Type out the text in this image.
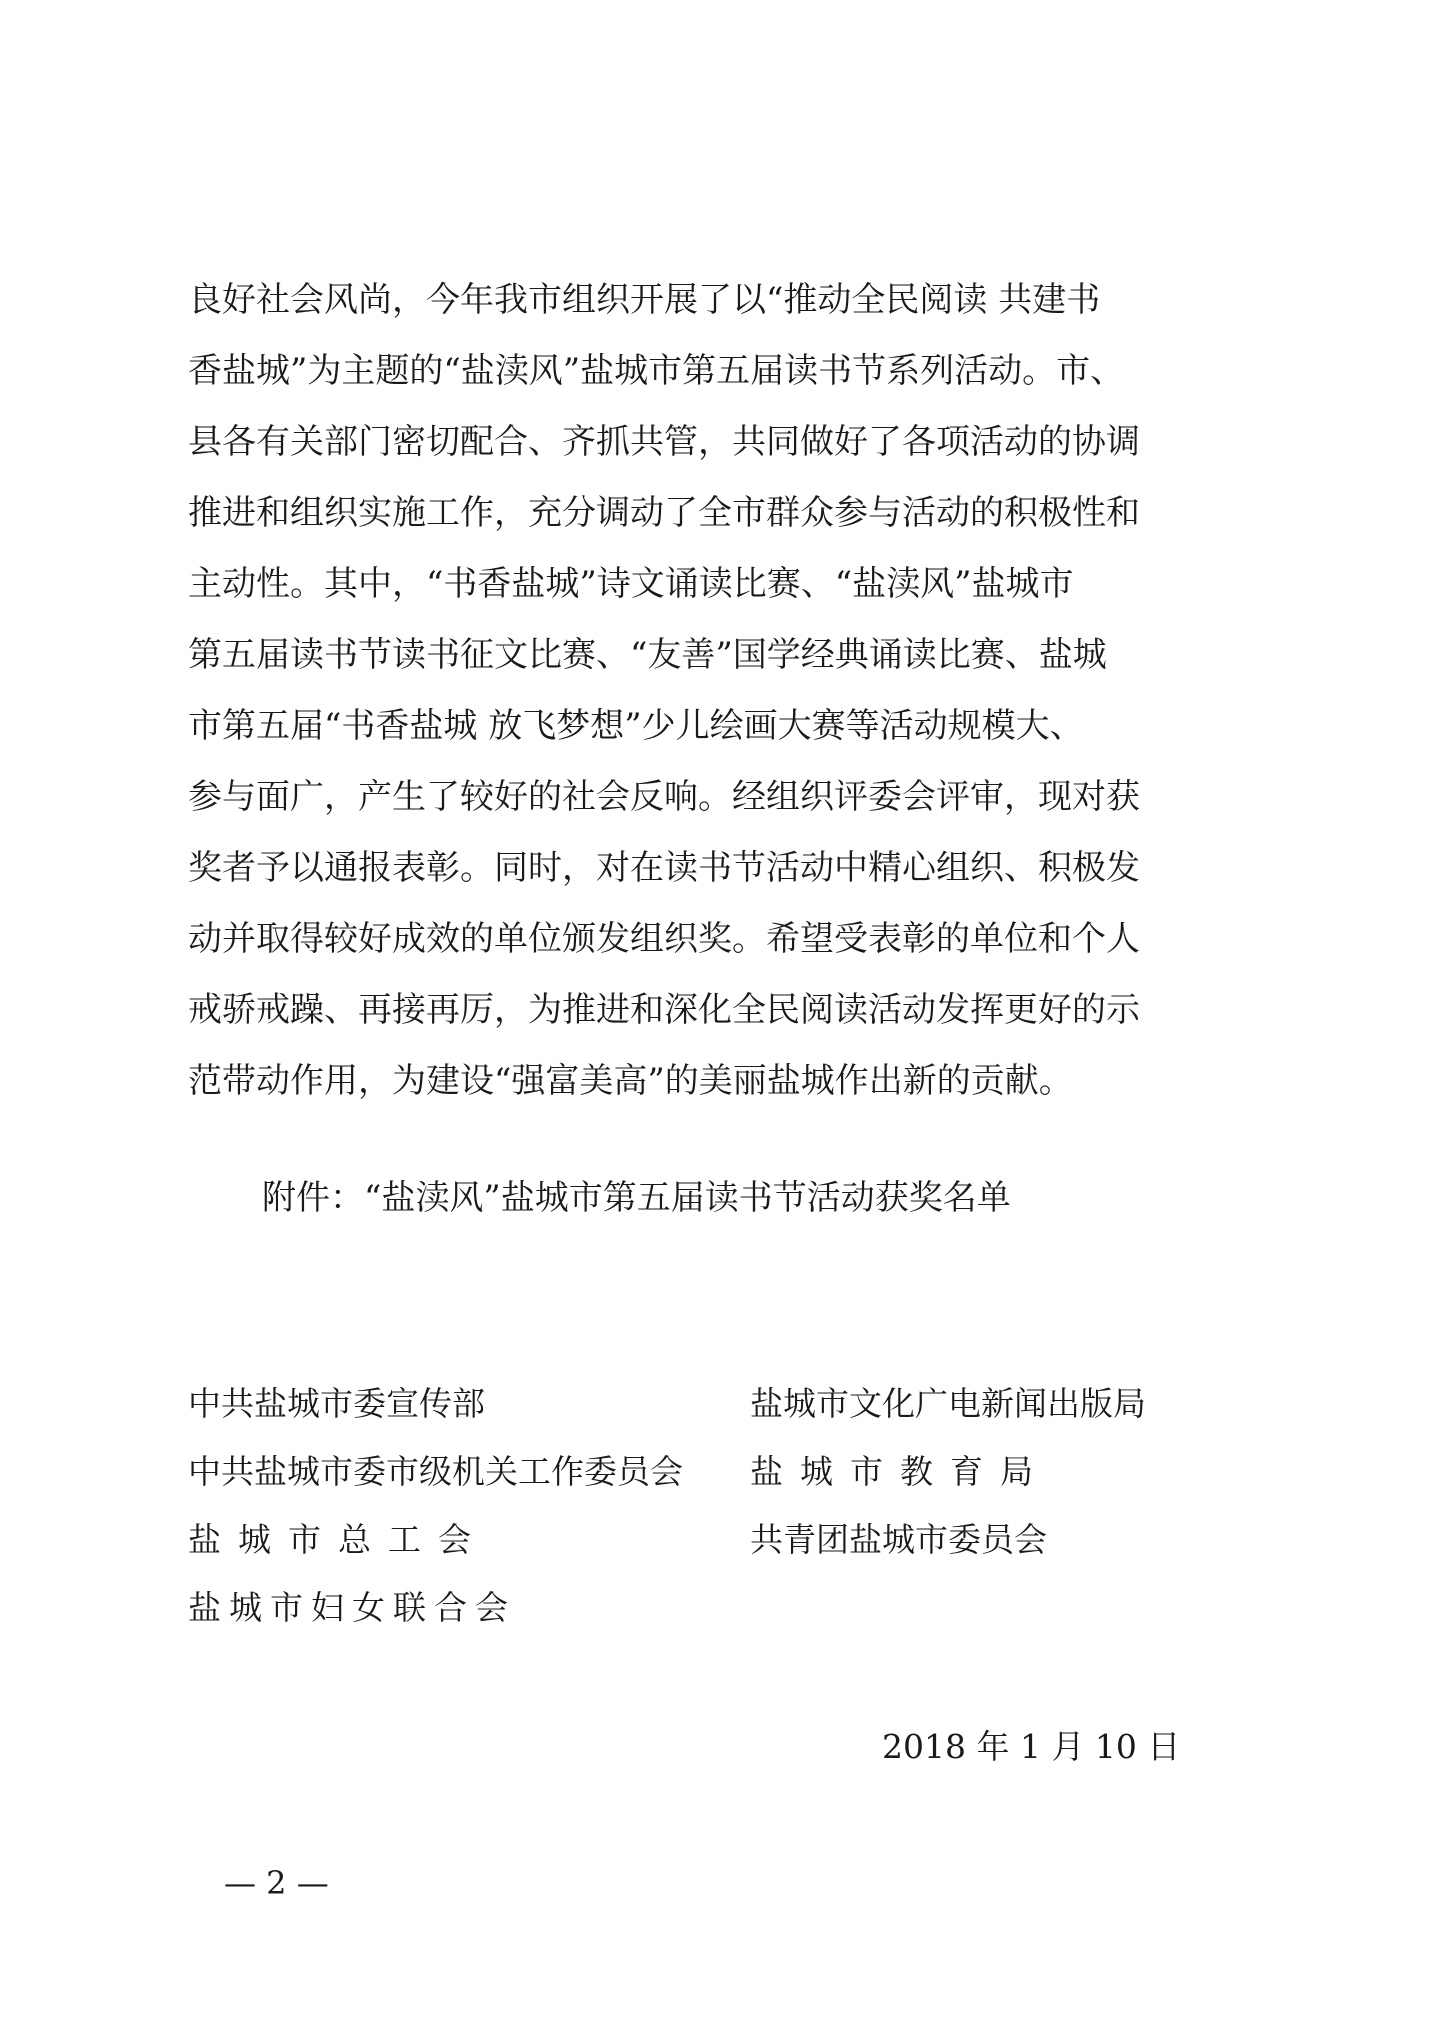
良好社会风尚，今年我市组织开展了以“推动全民阅读 共建书
香盐城”为主题的“盐渎风”盐城市第五届读书节系列活动。市、
县各有关部门密切配合、齐抓共管，共同做好了各项活动的协调
推进和组织实施工作，充分调动了全市群众参与活动的积极性和
主动性。其中，“书香盐城”诗文诵读比赛、“盐渎风”盐城市
第五届读书节读书征文比赛、“友善”国学经典诵读比赛、盐城
市第五届“书香盐城 放飞梦想”少儿绘画大赛等活动规模大、
参与面广，产生了较好的社会反响。经组织评委会评审，现对获
奖者予以通报表彰。同时，对在读书节活动中精心组织、积极发
动并取得较好成效的单位颁发组织奖。希望受表彰的单位和个人
戒骄戒躁、再接再厉，为推进和深化全民阅读活动发挥更好的示
范带动作用，为建设“强富美高”的美丽盐城作出新的贡献。
附件：“盐渎风”盐城市第五届读书节活动获奖名单
中共盐城市委宣传部
中共盐城市委市级机关工作委员会
盐城市总工会
盐城市妇女联合会
盐城市文化广电新闻出版局
盐城市教育局
共青团盐城市委员会
2018 年 1 月 10 日
— 2 —
